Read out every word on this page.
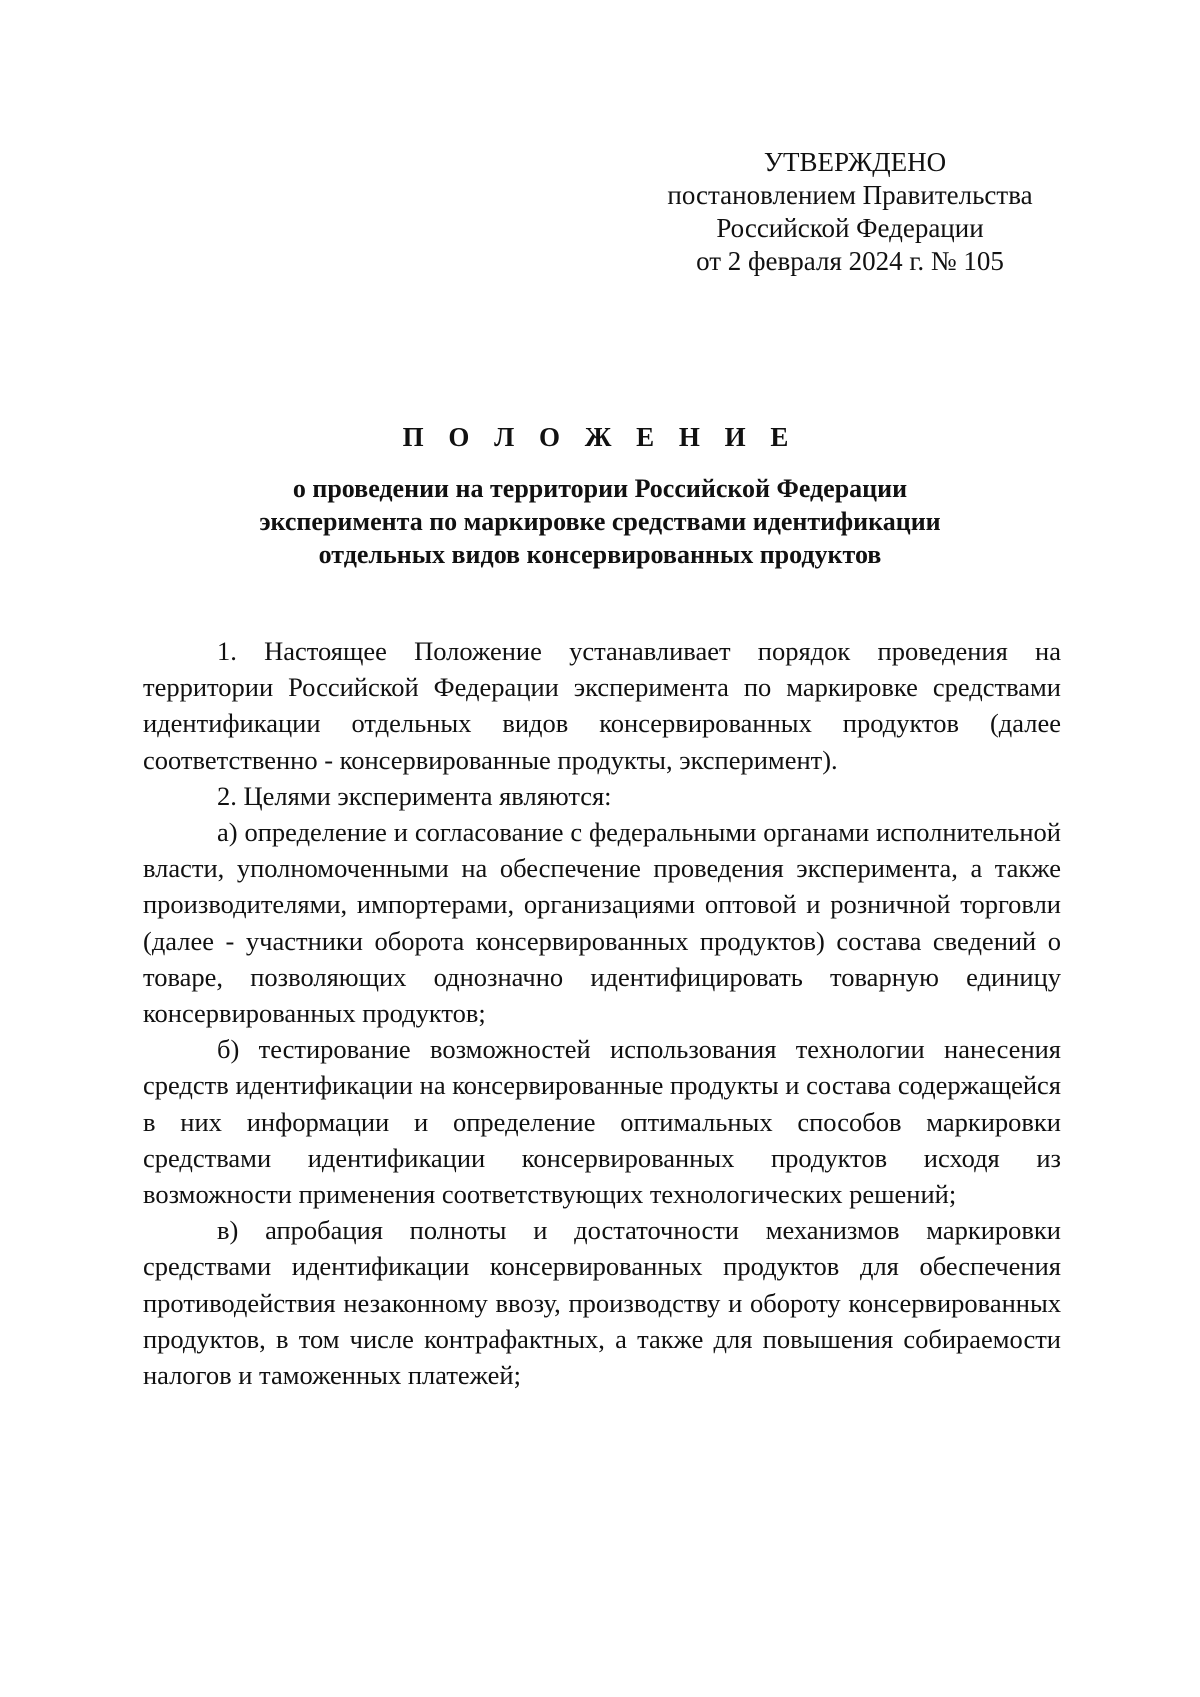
УТВЕРЖДЕНО
постановлением Правительства
Российской Федерации
от 2 февраля 2024 г. № 105
П О Л О Ж Е Н И Е
о проведении на территории Российской Федерации
эксперимента по маркировке средствами идентификации
отдельных видов консервированных продуктов

1. Настоящее Положение устанавливает порядок проведения на территории Российской Федерации эксперимента по маркировке средствами идентификации отдельных видов консервированных продуктов (далее соответственно - консервированные продукты, эксперимент).

2. Целями эксперимента являются:

а) определение и согласование с федеральными органами исполнительной власти, уполномоченными на обеспечение проведения эксперимента, а также производителями, импортерами, организациями оптовой и розничной торговли (далее - участники оборота консервированных продуктов) состава сведений о товаре, позволяющих однозначно идентифицировать товарную единицу консервированных продуктов;

б) тестирование возможностей использования технологии нанесения средств идентификации на консервированные продукты и состава содержащейся в них информации и определение оптимальных способов маркировки средствами идентификации консервированных продуктов исходя из возможности применения соответствующих технологических решений;

в) апробация полноты и достаточности механизмов маркировки средствами идентификации консервированных продуктов для обеспечения противодействия незаконному ввозу, производству и обороту консервированных продуктов, в том числе контрафактных, а также для повышения собираемости налогов и таможенных платежей;
